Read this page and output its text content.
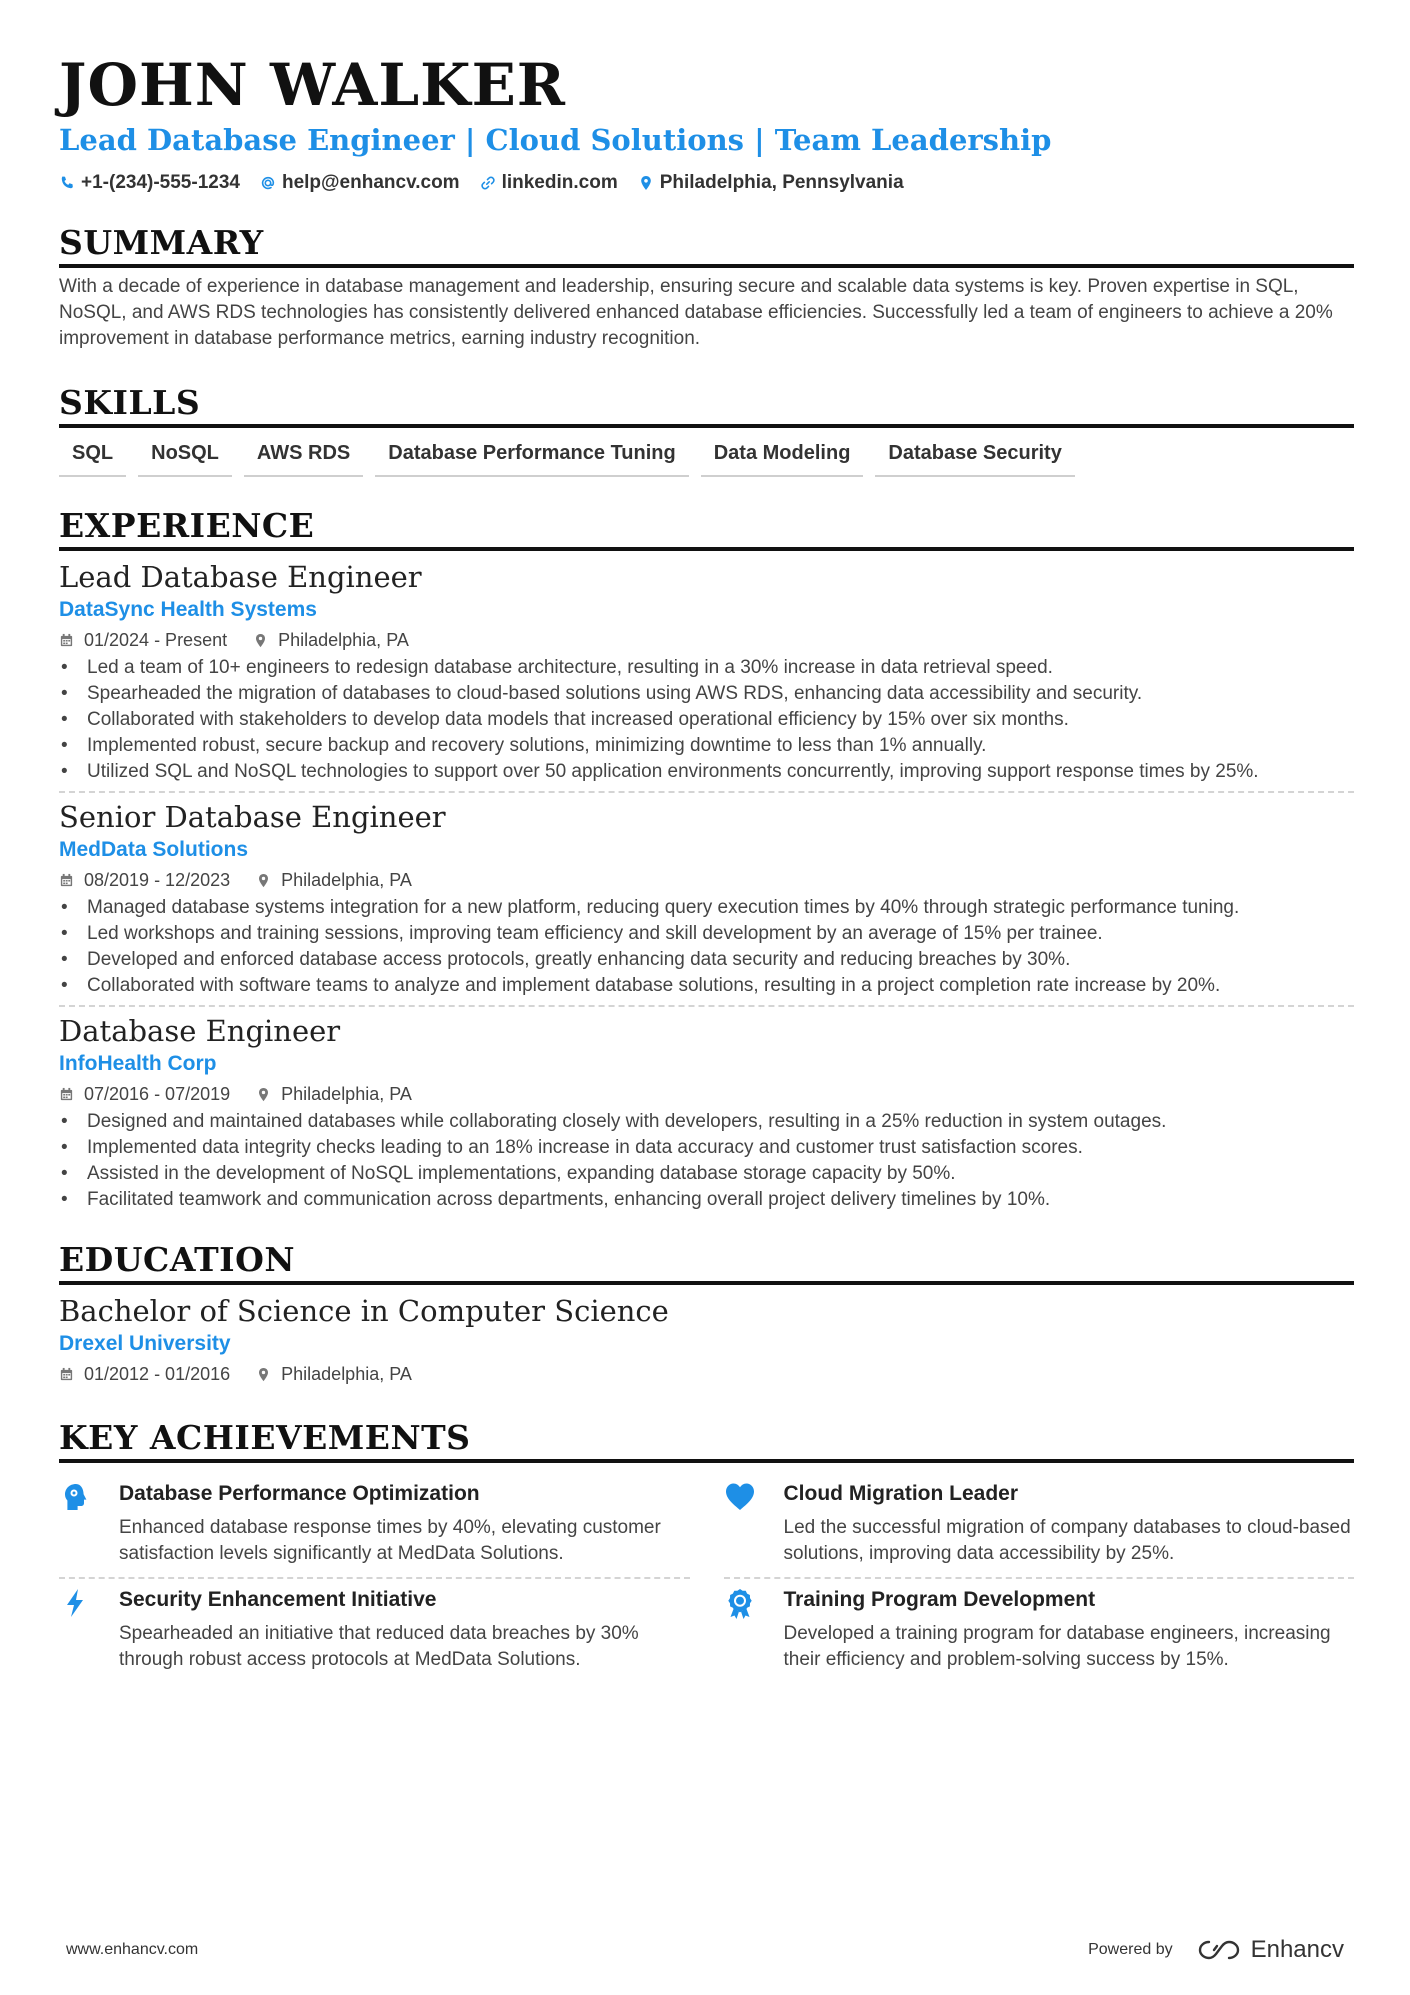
JOHN WALKER
Lead Database Engineer | Cloud Solutions | Team Leadership
+1-(234)-555-1234 help@enhancv.com linkedin.com Philadelphia, Pennsylvania
SUMMARY
With a decade of experience in database management and leadership, ensuring secure and scalable data systems is key. Proven expertise in SQL, NoSQL, and AWS RDS technologies has consistently delivered enhanced database efficiencies. Successfully led a team of engineers to achieve a 20% improvement in database performance metrics, earning industry recognition.
SKILLS
SQL	NoSQL	AWS RDS	Database Performance Tuning	Data Modeling	Database Security
EXPERIENCE
Lead Database Engineer
DataSync Health Systems
01/2024 - Present	Philadelphia, PA
• Led a team of 10+ engineers to redesign database architecture, resulting in a 30% increase in data retrieval speed.
• Spearheaded the migration of databases to cloud-based solutions using AWS RDS, enhancing data accessibility and security.
• Collaborated with stakeholders to develop data models that increased operational efficiency by 15% over six months.
• Implemented robust, secure backup and recovery solutions, minimizing downtime to less than 1% annually.
• Utilized SQL and NoSQL technologies to support over 50 application environments concurrently, improving support response times by 25%.
Senior Database Engineer
MedData Solutions
08/2019 - 12/2023	Philadelphia, PA
• Managed database systems integration for a new platform, reducing query execution times by 40% through strategic performance tuning.
• Led workshops and training sessions, improving team efficiency and skill development by an average of 15% per trainee.
• Developed and enforced database access protocols, greatly enhancing data security and reducing breaches by 30%.
• Collaborated with software teams to analyze and implement database solutions, resulting in a project completion rate increase by 20%.
Database Engineer
InfoHealth Corp
07/2016 - 07/2019	Philadelphia, PA
• Designed and maintained databases while collaborating closely with developers, resulting in a 25% reduction in system outages.
• Implemented data integrity checks leading to an 18% increase in data accuracy and customer trust satisfaction scores.
• Assisted in the development of NoSQL implementations, expanding database storage capacity by 50%.
• Facilitated teamwork and communication across departments, enhancing overall project delivery timelines by 10%.
EDUCATION
Bachelor of Science in Computer Science
Drexel University
01/2012 - 01/2016	Philadelphia, PA
KEY ACHIEVEMENTS
Database Performance Optimization
Enhanced database response times by 40%, elevating customer satisfaction levels significantly at MedData Solutions.
Cloud Migration Leader
Led the successful migration of company databases to cloud-based solutions, improving data accessibility by 25%.
Security Enhancement Initiative
Spearheaded an initiative that reduced data breaches by 30% through robust access protocols at MedData Solutions.
Training Program Development
Developed a training program for database engineers, increasing their efficiency and problem-solving success by 15%.
www.enhancv.com	Powered by	Enhancv
